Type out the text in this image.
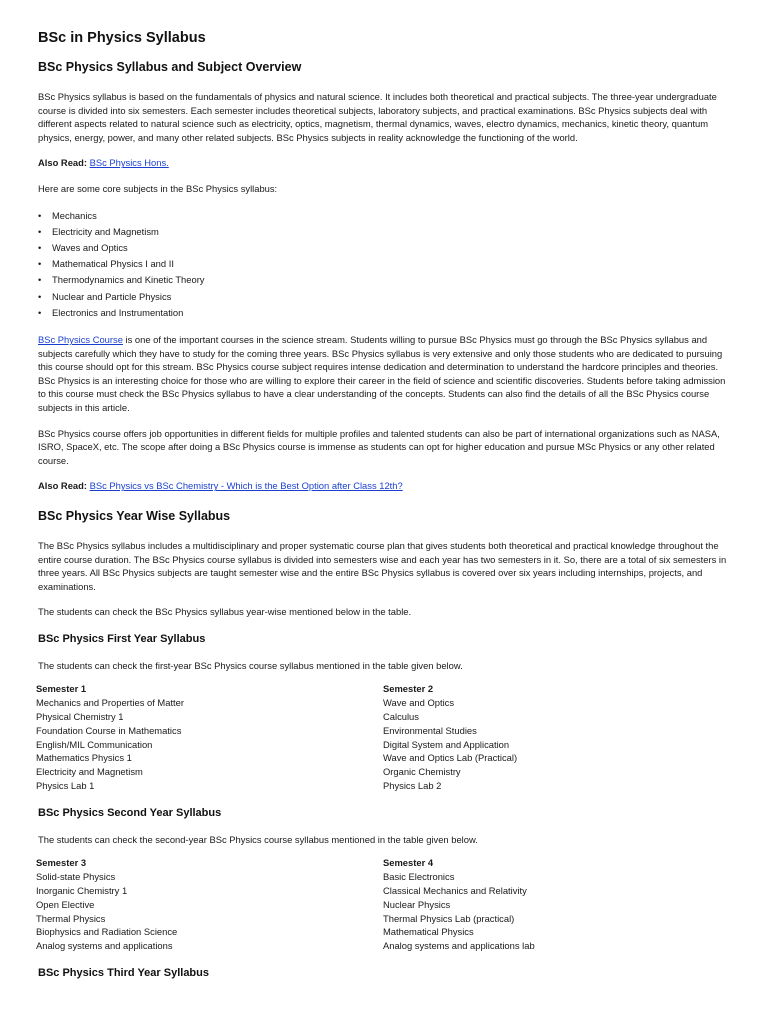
BSc in Physics Syllabus
BSc Physics Syllabus and Subject Overview

BSc Physics syllabus is based on the fundamentals of physics and natural science. It includes both theoretical and practical subjects. The three-year undergraduate course is divided into six semesters. Each semester includes theoretical subjects, laboratory subjects, and practical examinations. BSc Physics subjects deal with different aspects related to natural science such as electricity, optics, magnetism, thermal dynamics, waves, electro dynamics, mechanics, kinetic theory, quantum physics, energy, power, and many other related subjects. BSc Physics subjects in reality acknowledge the functioning of the world.

Also Read: BSc Physics Hons.

Here are some core subjects in the BSc Physics syllabus:

• Mechanics
• Electricity and Magnetism
• Waves and Optics
• Mathematical Physics I and II
• Thermodynamics and Kinetic Theory
• Nuclear and Particle Physics
• Electronics and Instrumentation

BSc Physics Course is one of the important courses in the science stream. Students willing to pursue BSc Physics must go through the BSc Physics syllabus and subjects carefully which they have to study for the coming three years. BSc Physics syllabus is very extensive and only those students who are dedicated to pursuing this course should opt for this stream. BSc Physics course subject requires intense dedication and determination to understand the hardcore principles and theories. BSc Physics is an interesting choice for those who are willing to explore their career in the field of science and scientific discoveries. Students before taking admission to this course must check the BSc Physics syllabus to have a clear understanding of the concepts. Students can also find the details of all the BSc Physics course subjects in this article.

BSc Physics course offers job opportunities in different fields for multiple profiles and talented students can also be part of international organizations such as NASA, ISRO, SpaceX, etc. The scope after doing a BSc Physics course is immense as students can opt for higher education and pursue MSc Physics or any other related course.

Also Read: BSc Physics vs BSc Chemistry - Which is the Best Option after Class 12th?

BSc Physics Year Wise Syllabus

The BSc Physics syllabus includes a multidisciplinary and proper systematic course plan that gives students both theoretical and practical knowledge throughout the entire course duration. The BSc Physics course syllabus is divided into semesters wise and each year has two semesters in it. So, there are a total of six semesters in three years. All BSc Physics subjects are taught semester wise and the entire BSc Physics syllabus is covered over six years including internships, projects, and examinations.

The students can check the BSc Physics syllabus year-wise mentioned below in the table.

BSc Physics First Year Syllabus

The students can check the first-year BSc Physics course syllabus mentioned in the table given below.

Semester 1
Mechanics and Properties of Matter
Physical Chemistry 1
Foundation Course in Mathematics
English/MIL Communication
Mathematics Physics 1
Electricity and Magnetism
Physics Lab 1
Semester 2
Wave and Optics
Calculus
Environmental Studies
Digital System and Application
Wave and Optics Lab (Practical)
Organic Chemistry
Physics Lab 2
BSc Physics Second Year Syllabus

The students can check the second-year BSc Physics course syllabus mentioned in the table given below.

Semester 3
Solid-state Physics
Inorganic Chemistry 1
Open Elective
Thermal Physics
Biophysics and Radiation Science
Analog systems and applications
Semester 4
Basic Electronics
Classical Mechanics and Relativity
Nuclear Physics
Thermal Physics Lab (practical)
Mathematical Physics
Analog systems and applications lab
BSc Physics Third Year Syllabus
